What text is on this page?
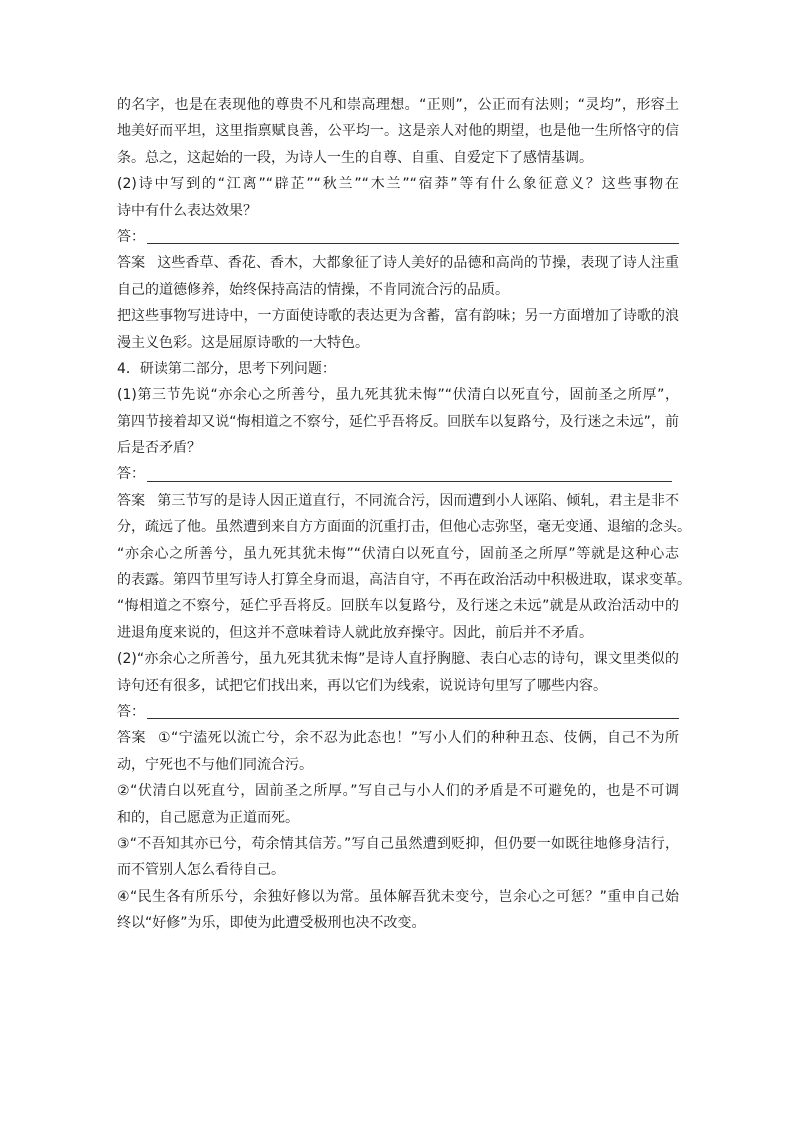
的名字，也是在表现他的尊贵不凡和崇高理想。“正则”，公正而有法则；“灵均”，形容土
地美好而平坦，这里指禀赋良善，公平均一。这是亲人对他的期望，也是他一生所恪守的信
条。总之，这起始的一段，为诗人一生的自尊、自重、自爱定下了感情基调。
(2)诗中写到的“江离”“辟芷”“秋兰”“木兰”“宿莽”等有什么象征意义？这些事物在
诗中有什么表达效果？
答：
答案 这些香草、香花、香木，大都象征了诗人美好的品德和高尚的节操，表现了诗人注重
自己的道德修养，始终保持高洁的情操，不肯同流合污的品质。
把这些事物写进诗中，一方面使诗歌的表达更为含蓄，富有韵味；另一方面增加了诗歌的浪
漫主义色彩。这是屈原诗歌的一大特色。
4．研读第二部分，思考下列问题：
(1)第三节先说“亦余心之所善兮，虽九死其犹未悔”“伏清白以死直兮，固前圣之所厚”，
第四节接着却又说“悔相道之不察兮，延伫乎吾将反。回朕车以复路兮，及行迷之未远”，前
后是否矛盾？
答：
答案 第三节写的是诗人因正道直行，不同流合污，因而遭到小人诬陷、倾轧，君主是非不
分，疏远了他。虽然遭到来自方方面面的沉重打击，但他心志弥坚，毫无变通、退缩的念头。
“亦余心之所善兮，虽九死其犹未悔”“伏清白以死直兮，固前圣之所厚”等就是这种心志
的表露。第四节里写诗人打算全身而退，高洁自守，不再在政治活动中积极进取，谋求变革。
“悔相道之不察兮，延伫乎吾将反。回朕车以复路兮，及行迷之未远”就是从政治活动中的
进退角度来说的，但这并不意味着诗人就此放弃操守。因此，前后并不矛盾。
(2)“亦余心之所善兮，虽九死其犹未悔”是诗人直抒胸臆、表白心志的诗句，课文里类似的
诗句还有很多，试把它们找出来，再以它们为线索，说说诗句里写了哪些内容。
答：
答案 ①“宁溘死以流亡兮，余不忍为此态也！”写小人们的种种丑态、伎俩，自己不为所
动，宁死也不与他们同流合污。
②“伏清白以死直兮，固前圣之所厚。”写自己与小人们的矛盾是不可避免的，也是不可调
和的，自己愿意为正道而死。
③“不吾知其亦已兮，苟余情其信芳。”写自己虽然遭到贬抑，但仍要一如既往地修身洁行，
而不管别人怎么看待自己。
④“民生各有所乐兮，余独好修以为常。虽体解吾犹未变兮，岂余心之可惩？”重申自己始
终以“好修”为乐，即使为此遭受极刑也决不改变。
